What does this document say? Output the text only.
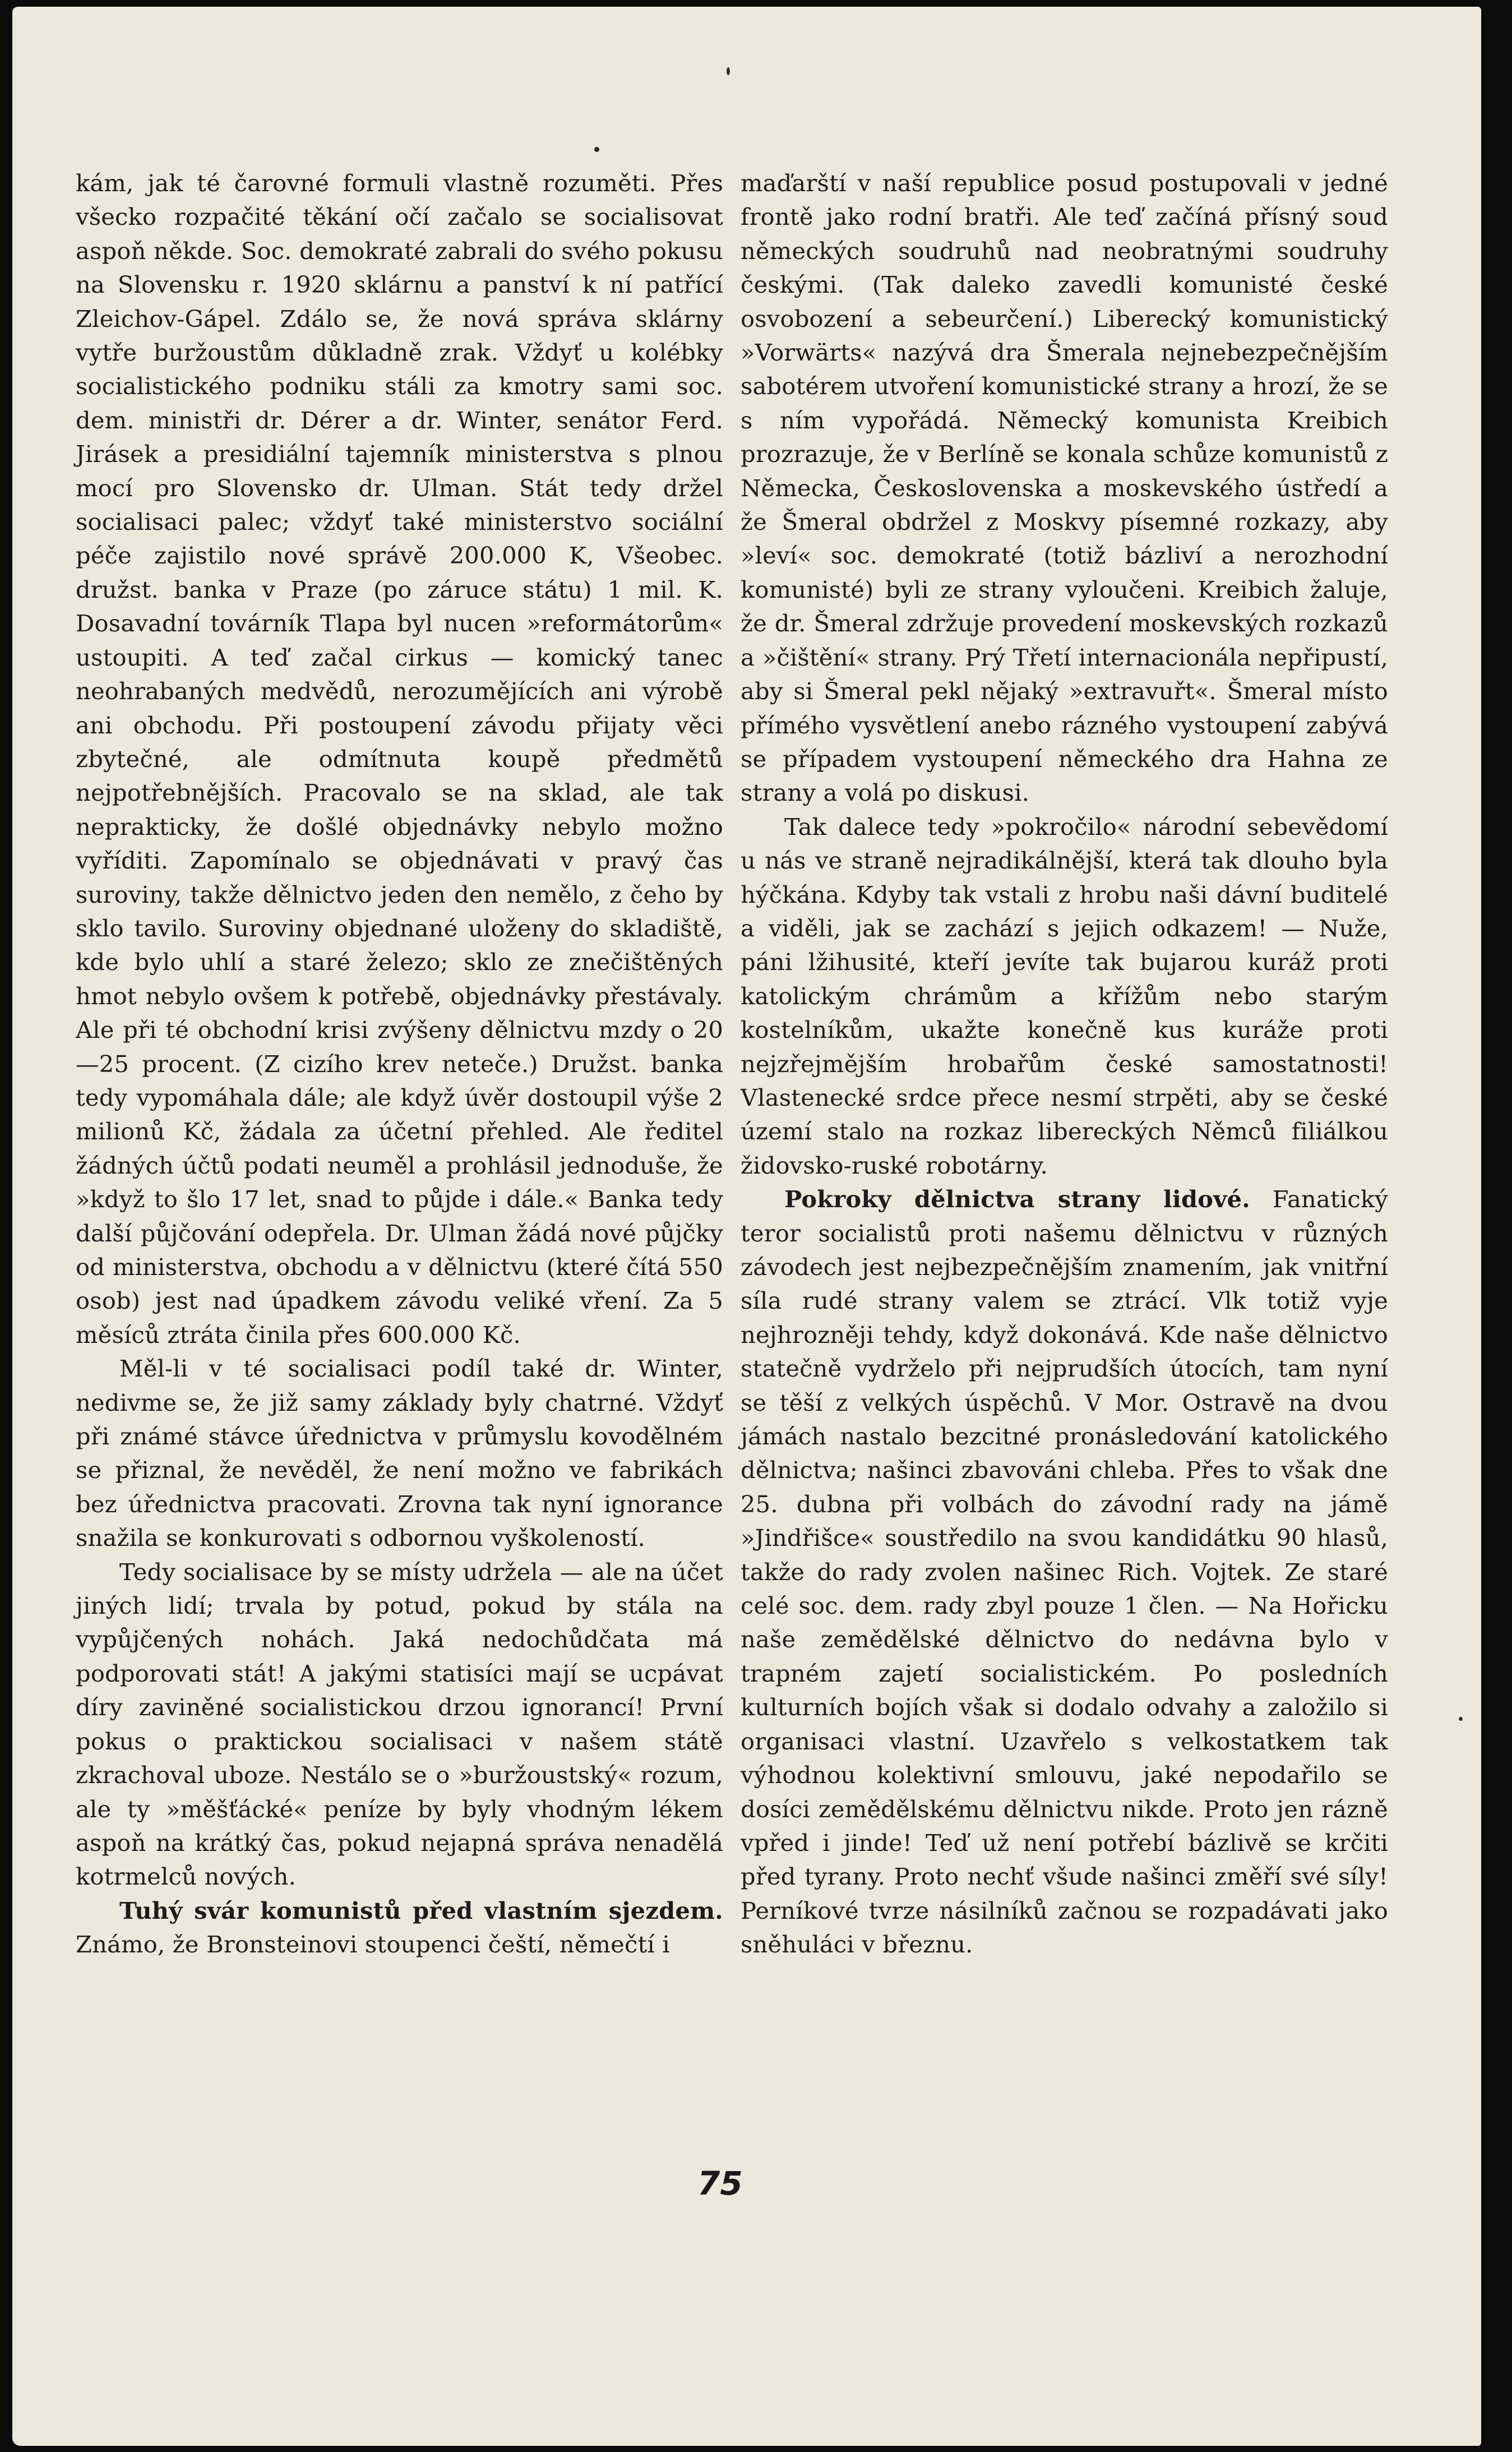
kám, jak té čarovné formuli vlastně rozuměti. Přes všecko rozpačité těkání očí začalo se socialisovat aspoň někde. Soc. demokraté zabrali do svého pokusu na Slovensku r. 1920 sklárnu a panství k ní patřící Zleichov-Gápel. Zdálo se, že nová správa sklárny vytře buržoustům důkladně zrak. Vždyť u kolébky socialistického podniku stáli za kmotry sami soc. dem. ministři dr. Dérer a dr. Winter, senátor Ferd. Jirásek a presidiální tajemník ministerstva s plnou mocí pro Slovensko dr. Ulman. Stát tedy držel socialisaci palec; vždyť také ministerstvo sociální péče zajistilo nové správě 200.000 K, Všeobec. družst. banka v Praze (po záruce státu) 1 mil. K. Dosavadní továrník Tlapa byl nucen »reformátorům« ustoupiti. A teď začal cirkus — komický tanec neohrabaných medvědů, nerozumějících ani výrobě ani obchodu. Při postoupení závodu přijaty věci zbytečné, ale odmítnuta koupě předmětů nejpotřebnějších. Pracovalo se na sklad, ale tak neprakticky, že došlé objednávky nebylo možno vyříditi. Zapomínalo se objednávati v pravý čas suroviny, takže dělnictvo jeden den nemělo, z čeho by sklo tavilo. Suroviny objednané uloženy do skladiště, kde bylo uhlí a staré železo; sklo ze znečištěných hmot nebylo ovšem k potřebě, objednávky přestávaly. Ale při té obchodní krisi zvýšeny dělnictvu mzdy o 20—25 procent. (Z cizího krev neteče.) Družst. banka tedy vypomáhala dále; ale když úvěr dostoupil výše 2 milionů Kč, žádala za účetní přehled. Ale ředitel žádných účtů podati neuměl a prohlásil jednoduše, že »když to šlo 17 let, snad to půjde i dále.« Banka tedy další půjčování odepřela. Dr. Ulman žádá nové půjčky od ministerstva, obchodu a v dělnictvu (které čítá 550 osob) jest nad úpadkem závodu veliké vření. Za 5 měsíců ztráta činila přes 600.000 Kč.

Měl-li v té socialisaci podíl také dr. Winter, nedivme se, že již samy základy byly chatrné. Vždyť při známé stávce úřednictva v průmyslu kovodělném se přiznal, že nevěděl, že není možno ve fabrikách bez úřednictva pracovati. Zrovna tak nyní ignorance snažila se konkurovati s odbornou vyškoleností.

Tedy socialisace by se místy udržela — ale na účet jiných lidí; trvala by potud, pokud by stála na vypůjčených nohách. Jaká nedochůdčata má podporovati stát! A jakými statisíci mají se ucpávat díry zaviněné socialistickou drzou ignorancí! První pokus o praktickou socialisaci v našem státě zkrachoval uboze. Nestálo se o »buržoustský« rozum, ale ty »měšťácké« peníze by byly vhodným lékem aspoň na krátký čas, pokud nejapná správa nenadělá kotrmelců nových.

Tuhý svár komunistů před vlastním sjezdem. Známo, že Bronsteinovi stoupenci čeští, němečtí i

maďarští v naší republice posud postupovali v jedné frontě jako rodní bratři. Ale teď začíná přísný soud německých soudruhů nad neobratnými soudruhy českými. (Tak daleko zavedli komunisté české osvobození a sebeurčení.) Liberecký komunistický »Vorwärts« nazývá dra Šmerala nejnebezpečnějším sabotérem utvoření komunistické strany a hrozí, že se s ním vypořádá. Německý komunista Kreibich prozrazuje, že v Berlíně se konala schůze komunistů z Německa, Československa a moskevského ústředí a že Šmeral obdržel z Moskvy písemné rozkazy, aby »leví« soc. demokraté (totiž bázliví a nerozhodní komunisté) byli ze strany vyloučeni. Kreibich žaluje, že dr. Šmeral zdržuje provedení moskevských rozkazů a »čištění« strany. Prý Třetí internacionála nepřipustí, aby si Šmeral pekl nějaký »extravuřt«. Šmeral místo přímého vysvětlení anebo rázného vystoupení zabývá se případem vystoupení německého dra Hahna ze strany a volá po diskusi.

Tak dalece tedy »pokročilo« národní sebevědomí u nás ve straně nejradikálnější, která tak dlouho byla hýčkána. Kdyby tak vstali z hrobu naši dávní buditelé a viděli, jak se zachází s jejich odkazem! — Nuže, páni lžihusité, kteří jevíte tak bujarou kuráž proti katolickým chrámům a křížům nebo starým kostelníkům, ukažte konečně kus kuráže proti nejzřejmějším hrobařům české samostatnosti! Vlastenecké srdce přece nesmí strpěti, aby se české území stalo na rozkaz libereckých Němců filiálkou židovsko-ruské robotárny.

Pokroky dělnictva strany lidové. Fanatický teror socialistů proti našemu dělnictvu v různých závodech jest nejbezpečnějším znamením, jak vnitřní síla rudé strany valem se ztrácí. Vlk totiž vyje nejhrozněji tehdy, když dokonává. Kde naše dělnictvo statečně vydrželo při nejprudších útocích, tam nyní se těší z velkých úspěchů. V Mor. Ostravě na dvou jámách nastalo bezcitné pronásledování katolického dělnictva; našinci zbavováni chleba. Přes to však dne 25. dubna při volbách do závodní rady na jámě »Jindřišce« soustředilo na svou kandidátku 90 hlasů, takže do rady zvolen našinec Rich. Vojtek. Ze staré celé soc. dem. rady zbyl pouze 1 člen. — Na Hořicku naše zemědělské dělnictvo do nedávna bylo v trapném zajetí socialistickém. Po posledních kulturních bojích však si dodalo odvahy a založilo si organisaci vlastní. Uzavřelo s velkostatkem tak výhodnou kolektivní smlouvu, jaké nepodařilo se dosíci zemědělskému dělnictvu nikde. Proto jen rázně vpřed i jinde! Teď už není potřebí bázlivě se krčiti před tyrany. Proto nechť všude našinci změří své síly! Perníkové tvrze násilníků začnou se rozpadávati jako sněhuláci v březnu.

75
